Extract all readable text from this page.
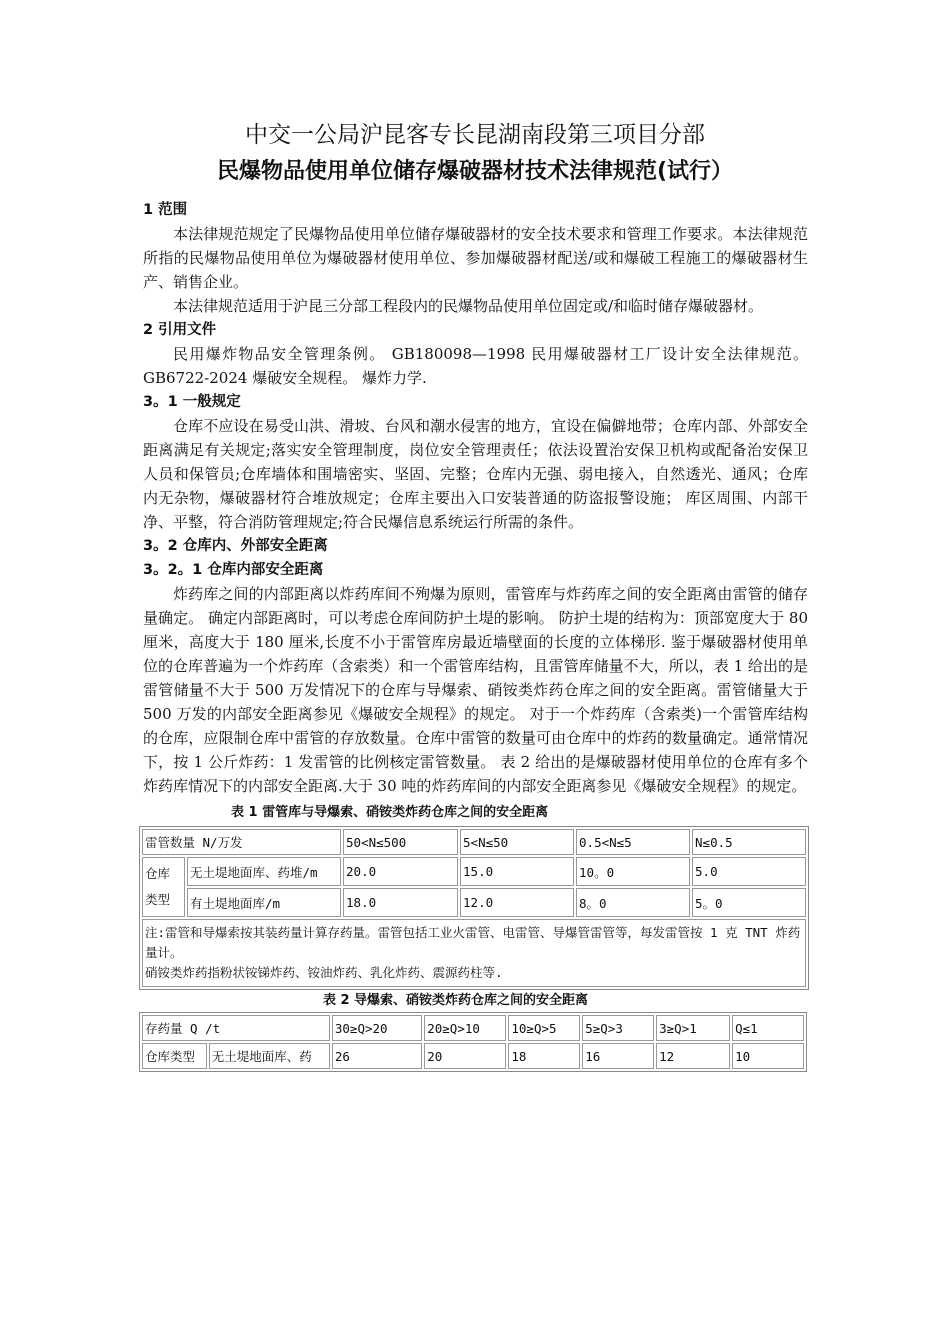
中交一公局沪昆客专长昆湖南段第三项目分部
民爆物品使用单位储存爆破器材技术法律规范(试行）

1 范围

本法律规范规定了民爆物品使用单位储存爆破器材的安全技术要求和管理工作要求。本法律规范所指的民爆物品使用单位为爆破器材使用单位、参加爆破器材配送/或和爆破工程施工的爆破器材生产、销售企业。

本法律规范适用于沪昆三分部工程段内的民爆物品使用单位固定或/和临时储存爆破器材。

2 引用文件

民用爆炸物品安全管理条例。 GB180098—1998 民用爆破器材工厂设计安全法律规范。 GB6722-2024 爆破安全规程。 爆炸力学.

3。1 一般规定

仓库不应设在易受山洪、滑坡、台风和潮水侵害的地方，宜设在偏僻地带；仓库内部、外部安全距离满足有关规定;落实安全管理制度，岗位安全管理责任；依法设置治安保卫机构或配备治安保卫人员和保管员;仓库墙体和围墙密实、坚固、完整；仓库内无强、弱电接入，自然透光、通风；仓库内无杂物，爆破器材符合堆放规定；仓库主要出入口安装普通的防盗报警设施； 库区周围、内部干净、平整，符合消防管理规定;符合民爆信息系统运行所需的条件。

3。2 仓库内、外部安全距离

3。2。1 仓库内部安全距离

炸药库之间的内部距离以炸药库间不殉爆为原则，雷管库与炸药库之间的安全距离由雷管的储存量确定。 确定内部距离时，可以考虑仓库间防护土堤的影响。 防护土堤的结构为：顶部宽度大于 80 厘米，高度大于 180 厘米,长度不小于雷管库房最近墙壁面的长度的立体梯形. 鉴于爆破器材使用单位的仓库普遍为一个炸药库（含索类）和一个雷管库结构，且雷管库储量不大，所以，表 1 给出的是雷管储量不大于 500 万发情况下的仓库与导爆索、硝铵类炸药仓库之间的安全距离。雷管储量大于 500 万发的内部安全距离参见《爆破安全规程》的规定。 对于一个炸药库（含索类)一个雷管库结构的仓库，应限制仓库中雷管的存放数量。仓库中雷管的数量可由仓库中的炸药的数量确定。通常情况下，按 1 公斤炸药：1 发雷管的比例核定雷管数量。 表 2 给出的是爆破器材使用单位的仓库有多个炸药库情况下的内部安全距离.大于 30 吨的炸药库间的内部安全距离参见《爆破安全规程》的规定。

表 1 雷管库与导爆索、硝铵类炸药仓库之间的安全距离

雷管数量 N/万发		50<N≤500	5<N≤50	0.5<N≤5	N≤0.5
仓库类型	无土堤地面库、药堆/m	20.0	15.0	10。0	5.0
	有土堤地面库/m	18.0	12.0	8。0	5。0

注:雷管和导爆索按其装药量计算存药量。雷管包括工业火雷管、电雷管、导爆管雷管等，每发雷管按 1 克 TNT 炸药量计。
硝铵类炸药指粉状铵锑炸药、铵油炸药、乳化炸药、震源药柱等.					

表 2 导爆索、硝铵类炸药仓库之间的安全距离

存药量 Q /t		30≥Q>20	20≥Q>10	10≥Q>5	5≥Q>3	3≥Q>1	Q≤1
仓库类型	无土堤地面库、药	26	20	18	16	12	10
